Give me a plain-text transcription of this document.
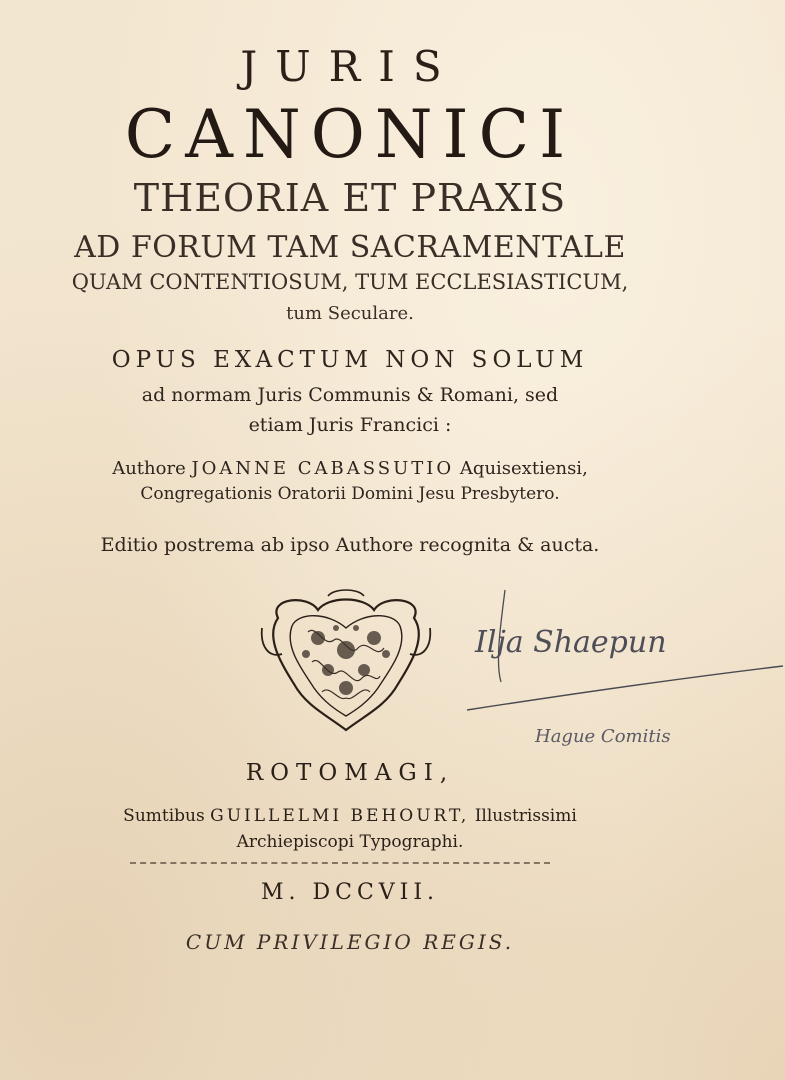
JURIS
CANONICI
THEORIA ET PRAXIS
AD FORUM TAM SACRAMENTALE
QUAM CONTENTIOSUM, TUM ECCLESIASTICUM,
tum Seculare.
OPUS EXACTUM NON SOLUM
ad normam Juris Communis & Romani, sed
etiam Juris Francici :
Authore JOANNE CABASSUTIO Aquisextiensi,
Congregationis Oratorii Domini Jesu Presbytero.
Editio postrema ab ipso Authore recognita & aucta.
Ilja Shaepun
Hague Comitis
ROTOMAGI,
Sumtibus GUILLELMI BEHOURT, Illustrissimi
Archiepiscopi Typographi.
M. DCCVII.
CUM PRIVILEGIO REGIS.
